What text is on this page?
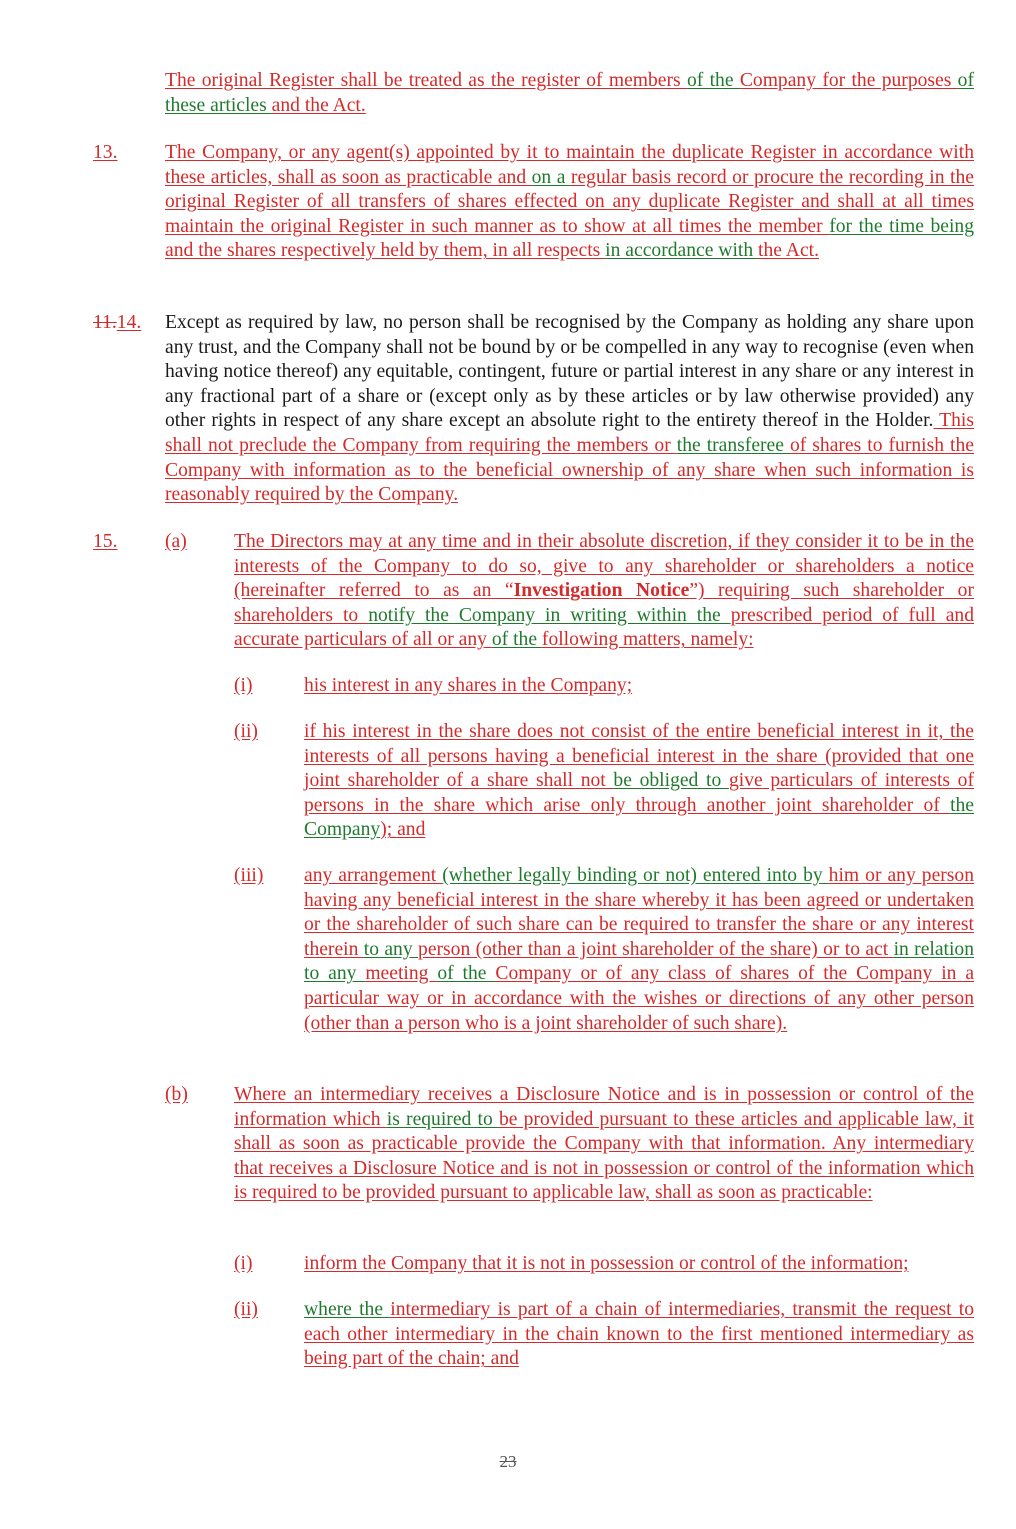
The original Register shall be treated as the register of members of the Company for the purposes of these articles and the Act.
13.	The Company, or any agent(s) appointed by it to maintain the duplicate Register in accordance with these articles, shall as soon as practicable and on a regular basis record or procure the recording in the original Register of all transfers of shares effected on any duplicate Register and shall at all times maintain the original Register in such manner as to show at all times the member for the time being and the shares respectively held by them, in all respects in accordance with the Act.
11.14. Except as required by law, no person shall be recognised by the Company as holding any share upon any trust, and the Company shall not be bound by or be compelled in any way to recognise (even when having notice thereof) any equitable, contingent, future or partial interest in any share or any interest in any fractional part of a share or (except only as by these articles or by law otherwise provided) any other rights in respect of any share except an absolute right to the entirety thereof in the Holder. This shall not preclude the Company from requiring the members or the transferee of shares to furnish the Company with information as to the beneficial ownership of any share when such information is reasonably required by the Company.
15.	(a)	The Directors may at any time and in their absolute discretion, if they consider it to be in the interests of the Company to do so, give to any shareholder or shareholders a notice (hereinafter referred to as an “Investigation Notice”) requiring such shareholder or shareholders to notify the Company in writing within the prescribed period of full and accurate particulars of all or any of the following matters, namely:
(i)	his interest in any shares in the Company;
(ii)	if his interest in the share does not consist of the entire beneficial interest in it, the interests of all persons having a beneficial interest in the share (provided that one joint shareholder of a share shall not be obliged to give particulars of interests of persons in the share which arise only through another joint shareholder of the Company); and
(iii)	any arrangement (whether legally binding or not) entered into by him or any person having any beneficial interest in the share whereby it has been agreed or undertaken or the shareholder of such share can be required to transfer the share or any interest therein to any person (other than a joint shareholder of the share) or to act in relation to any meeting of the Company or of any class of shares of the Company in a particular way or in accordance with the wishes or directions of any other person (other than a person who is a joint shareholder of such share).
(b)	Where an intermediary receives a Disclosure Notice and is in possession or control of the information which is required to be provided pursuant to these articles and applicable law, it shall as soon as practicable provide the Company with that information. Any intermediary that receives a Disclosure Notice and is not in possession or control of the information which is required to be provided pursuant to applicable law, shall as soon as practicable:
(i)	inform the Company that it is not in possession or control of the information;
(ii)	where the intermediary is part of a chain of intermediaries, transmit the request to each other intermediary in the chain known to the first mentioned intermediary as being part of the chain; and
23
